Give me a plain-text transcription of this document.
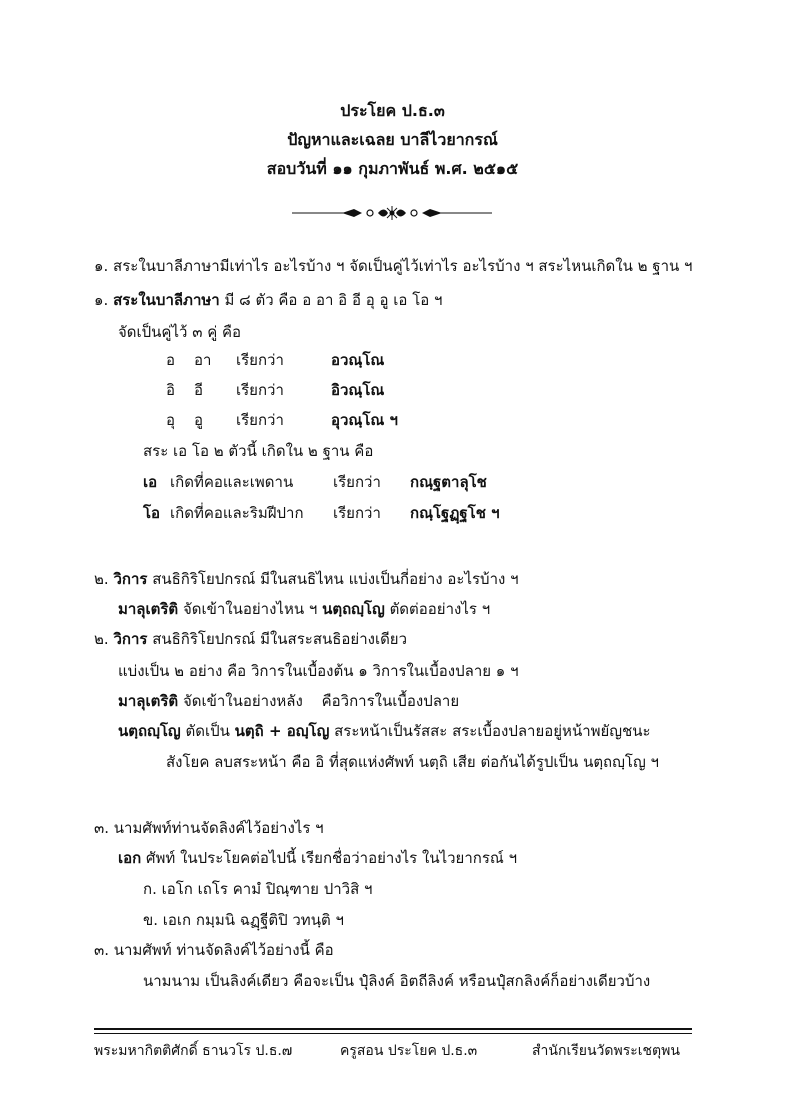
ประโยค ป.ธ.๓
ปัญหาและเฉลย บาลีไวยากรณ์
สอบวันที่ ๑๑ กุมภาพันธ์ พ.ศ. ๒๕๑๕
๑. สระในบาลีภาษามีเท่าไร อะไรบ้าง ฯ จัดเป็นคู่ไว้เท่าไร อะไรบ้าง ฯ สระไหนเกิดใน ๒ ฐาน ฯ
๑. สระในบาลีภาษา มี ๘ ตัว คือ อ อา อิ อี อุ อู เอ โอ ฯ
จัดเป็นคู่ไว้ ๓ คู่ คือ
อ อา เรียกว่า	อวณฺโณ
อิ อี เรียกว่า	อิวณฺโณ
อุ อู เรียกว่า	อุวณฺโณ ฯ
สระ เอ โอ ๒ ตัวนี้ เกิดใน ๒ ฐาน คือ
เอ เกิดที่คอและเพดาน	เรียกว่า กณฺฐตาลุโช
โอ เกิดที่คอและริมฝีปาก เรียกว่า กณฺโฐฏฺฐโช ฯ
๒. วิการ สนธิกิริโยปกรณ์ มีในสนธิไหน แบ่งเป็นกี่อย่าง อะไรบ้าง ฯ
มาลุเตริติ จัดเข้าในอย่างไหน ฯ นตฺถญฺโญ ตัดต่ออย่างไร ฯ
๒. วิการ สนธิกิริโยปกรณ์ มีในสระสนธิอย่างเดียว
แบ่งเป็น ๒ อย่าง คือ วิการในเบื้องต้น ๑ วิการในเบื้องปลาย ๑ ฯ
มาลุเตริติ จัดเข้าในอย่างหลัง คือวิการในเบื้องปลาย
นตฺถญฺโญ ตัดเป็น นตฺถิ + อญฺโญ สระหน้าเป็นรัสสะ สระเบื้องปลายอยู่หน้าพยัญชนะ
สังโยค ลบสระหน้า คือ อิ ที่สุดแห่งศัพท์ นตฺถิ เสีย ต่อกันได้รูปเป็น นตฺถญฺโญ ฯ
๓. นามศัพท์ท่านจัดลิงค์ไว้อย่างไร ฯ
เอก ศัพท์ ในประโยคต่อไปนี้ เรียกชื่อว่าอย่างไร ในไวยากรณ์ ฯ
ก. เอโก เถโร คามํ ปิณฺฑาย ปาวิสิ ฯ
ข. เอเก กมฺมนิ ฉฏฺฐีติปิ วทนฺติ ฯ
๓. นามศัพท์ ท่านจัดลิงค์ไว้อย่างนี้ คือ
นามนาม เป็นลิงค์เดียว คือจะเป็น ปุํลิงค์ อิตถีลิงค์ หรือนปุํสกลิงค์ก็อย่างเดียวบ้าง
พระมหากิตติศักดิ์ ธานวโร ป.ธ.๗	ครูสอน ประโยค ป.ธ.๓	สำนักเรียนวัดพระเชตุพน
